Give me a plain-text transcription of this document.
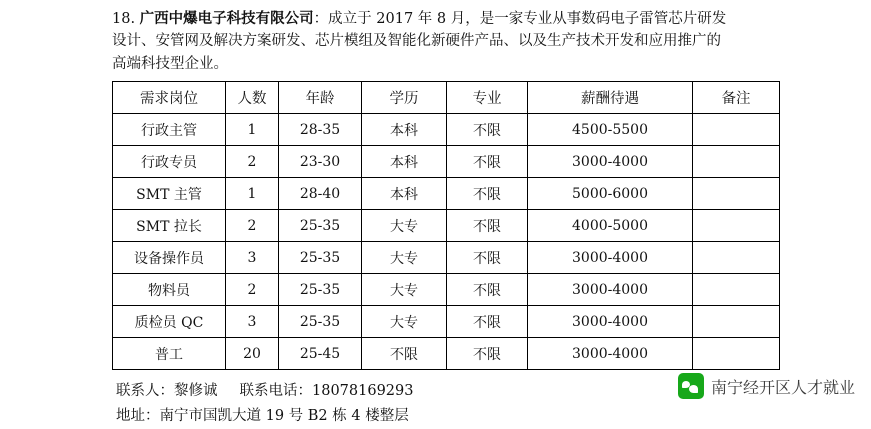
18. 广西中爆电子科技有限公司：成立于 2017 年 8 月，是一家专业从事数码电子雷管芯片研发
设计、安管网及解决方案研发、芯片模组及智能化新硬件产品、以及生产技术开发和应用推广的
高端科技型企业。

需求岗位	人数	年龄	学历	专业	薪酬待遇	备注
行政主管	1	28-35	本科	不限	4500-5500	
行政专员	2	23-30	本科	不限	3000-4000	
SMT 主管	1	28-40	本科	不限	5000-6000	
SMT 拉长	2	25-35	大专	不限	4000-5000	
设备操作员	3	25-35	大专	不限	3000-4000	
物料员	2	25-35	大专	不限	3000-4000	
质检员 QC	3	25-35	大专	不限	3000-4000	
普工	20	25-45	不限	不限	3000-4000	
联系人：黎修诚 联系电话：18078169293
地址：南宁市国凯大道 19 号 B2 栋 4 楼整层
南宁经开区人才就业
